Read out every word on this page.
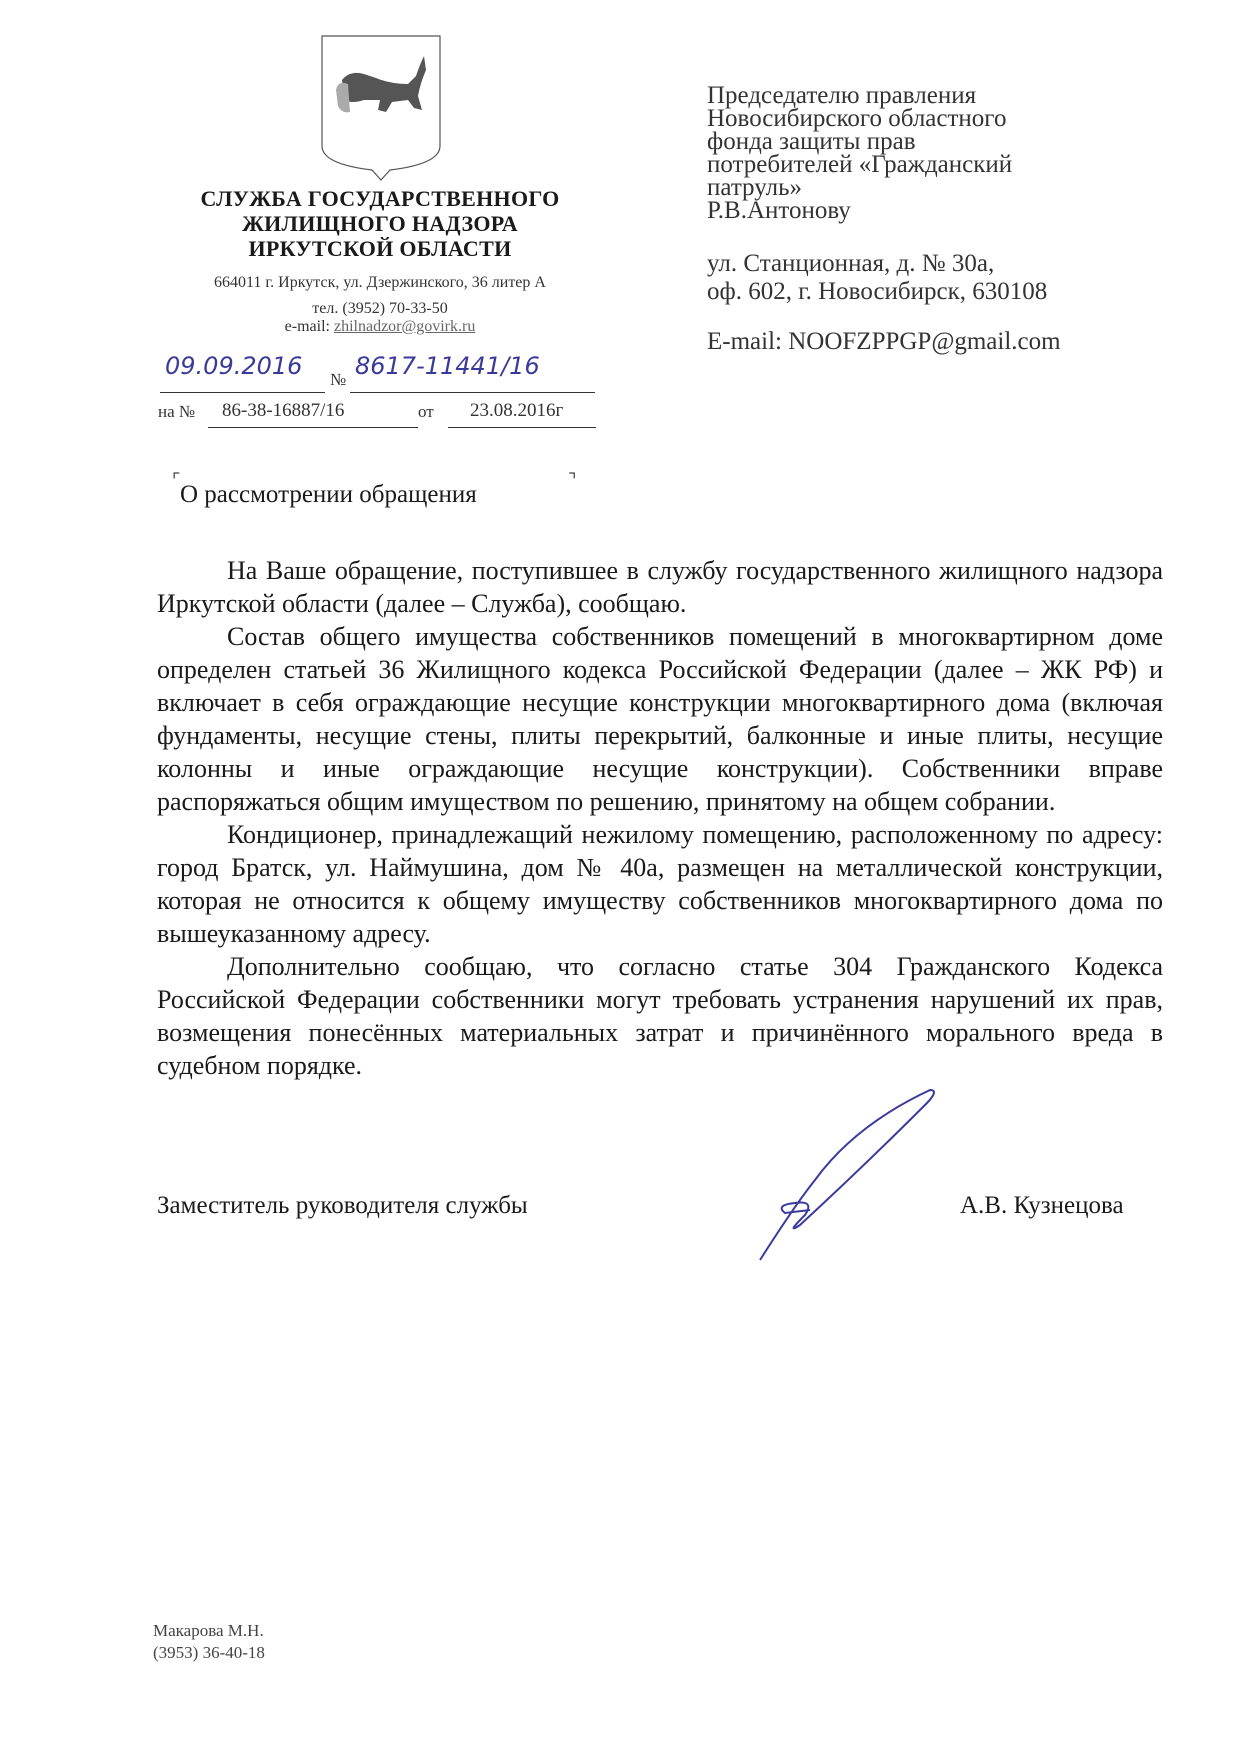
СЛУЖБА ГОСУДАРСТВЕННОГО
ЖИЛИЩНОГО НАДЗОРА
ИРКУТСКОЙ ОБЛАСТИ
664011 г. Иркутск, ул. Дзержинского, 36 литер А
тел. (3952) 70-33-50
e-mail: zhilnadzor@govirk.ru
09.09.2016 № 8617-11441/16
на № 86-38-16887/16	от 23.08.2016г
Председателю правления
Новосибирского областного
фонда защиты прав
потребителей «Гражданский
патруль»
Р.В.Антонову
ул. Станционная, д. № 30а,
оф. 602, г. Новосибирск, 630108
E-mail: NOOFZPPGP@gmail.com
⌜	⌝
О рассмотрении обращения

На Ваше обращение, поступившее в службу государственного жилищного надзора Иркутской области (далее – Служба), сообщаю.

Состав общего имущества собственников помещений в многоквартирном доме определен статьей 36 Жилищного кодекса Российской Федерации (далее – ЖК РФ) и включает в себя ограждающие несущие конструкции многоквартирного дома (включая фундаменты, несущие стены, плиты перекрытий, балконные и иные плиты, несущие колонны и иные ограждающие несущие конструкции). Собственники вправе распоряжаться общим имуществом по решению, принятому на общем собрании.

Кондиционер, принадлежащий нежилому помещению, расположенному по адресу: город Братск, ул. Наймушина, дом № 40а, размещен на металлической конструкции, которая не относится к общему имуществу собственников многоквартирного дома по вышеуказанному адресу.

Дополнительно сообщаю, что согласно статье 304 Гражданского Кодекса Российской Федерации собственники могут требовать устранения нарушений их прав, возмещения понесённых материальных затрат и причинённого морального вреда в судебном порядке.

Заместитель руководителя службы	А.В. Кузнецова
Макарова М.Н.
(3953) 36-40-18
